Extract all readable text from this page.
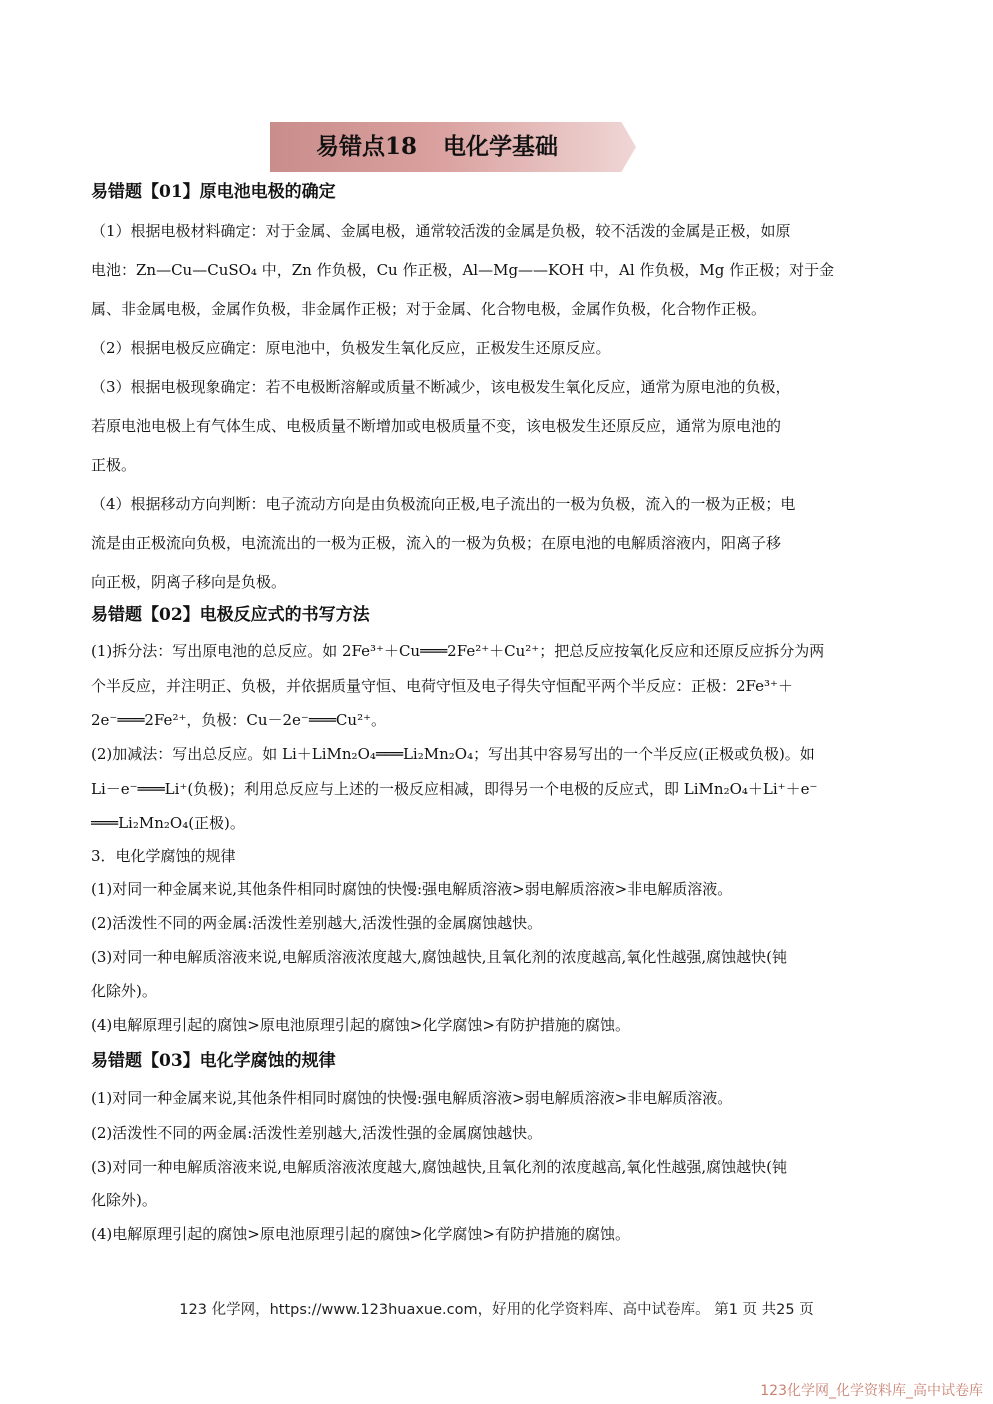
易错点18 电化学基础
易错题【01】原电池电极的确定
（1）根据电极材料确定：对于金属、金属电极，通常较活泼的金属是负极，较不活泼的金属是正极，如原
电池：Zn—Cu—CuSO₄ 中，Zn 作负极，Cu 作正极，Al—Mg——KOH 中，Al 作负极，Mg 作正极；对于金
属、非金属电极，金属作负极，非金属作正极；对于金属、化合物电极，金属作负极，化合物作正极。
（2）根据电极反应确定：原电池中，负极发生氧化反应，正极发生还原反应。
（3）根据电极现象确定：若不电极断溶解或质量不断减少，该电极发生氧化反应，通常为原电池的负极，
若原电池电极上有气体生成、电极质量不断增加或电极质量不变，该电极发生还原反应，通常为原电池的
正极。
（4）根据移动方向判断：电子流动方向是由负极流向正极,电子流出的一极为负极，流入的一极为正极；电
流是由正极流向负极，电流流出的一极为正极，流入的一极为负极；在原电池的电解质溶液内，阳离子移
向正极，阴离子移向是负极。
易错题【02】电极反应式的书写方法
(1)拆分法：写出原电池的总反应。如 2Fe³⁺＋Cu═══2Fe²⁺＋Cu²⁺；把总反应按氧化反应和还原反应拆分为两
个半反应，并注明正、负极，并依据质量守恒、电荷守恒及电子得失守恒配平两个半反应：正极：2Fe³⁺＋
2e⁻═══2Fe²⁺，负极：Cu－2e⁻═══Cu²⁺。
(2)加减法：写出总反应。如 Li＋LiMn₂O₄═══Li₂Mn₂O₄；写出其中容易写出的一个半反应(正极或负极)。如
Li－e⁻═══Li⁺(负极)；利用总反应与上述的一极反应相减，即得另一个电极的反应式，即 LiMn₂O₄＋Li⁺＋e⁻
═══Li₂Mn₂O₄(正极)。
3．电化学腐蚀的规律
(1)对同一种金属来说,其他条件相同时腐蚀的快慢:强电解质溶液>弱电解质溶液>非电解质溶液。
(2)活泼性不同的两金属:活泼性差别越大,活泼性强的金属腐蚀越快。
(3)对同一种电解质溶液来说,电解质溶液浓度越大,腐蚀越快,且氧化剂的浓度越高,氧化性越强,腐蚀越快(钝
化除外)。
(4)电解原理引起的腐蚀>原电池原理引起的腐蚀>化学腐蚀>有防护措施的腐蚀。
易错题【03】电化学腐蚀的规律
(1)对同一种金属来说,其他条件相同时腐蚀的快慢:强电解质溶液>弱电解质溶液>非电解质溶液。
(2)活泼性不同的两金属:活泼性差别越大,活泼性强的金属腐蚀越快。
(3)对同一种电解质溶液来说,电解质溶液浓度越大,腐蚀越快,且氧化剂的浓度越高,氧化性越强,腐蚀越快(钝
化除外)。
(4)电解原理引起的腐蚀>原电池原理引起的腐蚀>化学腐蚀>有防护措施的腐蚀。
123 化学网，https://www.123huaxue.com，好用的化学资料库、高中试卷库。 第1 页 共25 页
123化学网_化学资料库_高中试卷库
